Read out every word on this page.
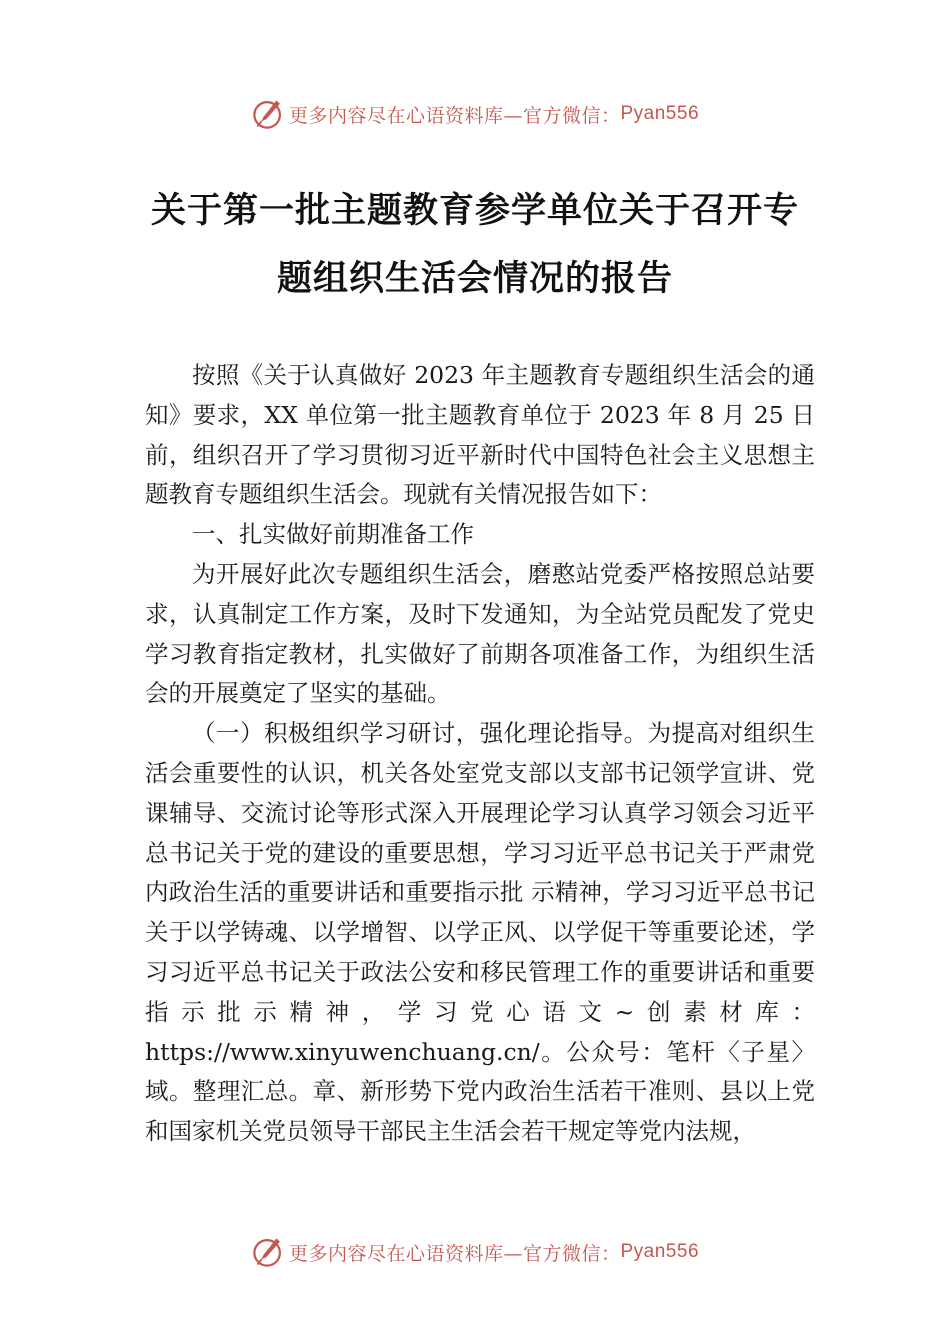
更多内容尽在心语资料库 —官方微信： Pyan556
关于第一批主题教育参学单位关于召开专
题组织生活会情况的报告

按照《关于认真做好 2023 年主题教育专题组织生活会的通知》要求，XX 单位第一批主题教育单位于 2023 年 8 月 25 日前，组织召开了学习贯彻习近平新时代中国特色社会主义思想主题教育专题组织生活会。现就有关情况报告如下：

一、扎实做好前期准备工作

为开展好此次专题组织生活会，磨憨站党委严格按照总站要求，认真制定工作方案，及时下发通知，为全站党员配发了党史学习教育指定教材，扎实做好了前期各项准备工作，为组织生活会的开展奠定了坚实的基础。

（一）积极组织学习研讨，强化理论指导。为提高对组织生活会重要性的认识，机关各处室党支部以支部书记领学宣讲、党课辅导、交流讨论等形式深入开展理论学习认真学习领会习近平总书记关于党的建设的重要思想，学习习近平总书记关于严肃党内政治生活的重要讲话和重要指示批 示精神，学习习近平总书记关于以学铸魂、以学增智、以学正风、以学促干等重要论述，学习习近平总书记关于政法公安和移民管理工作的重要讲话和重要指示批示精神，学习党心语文~创素材库：https://www.xinyuwenchuang.cn/。公众号：笔杆〈子星〉域。整理汇总。章、新形势下党内政治生活若干准则、县以上党和国家机关党员领导干部民主生活会若干规定等党内法规，

更多内容尽在心语资料库 —官方微信： Pyan556
